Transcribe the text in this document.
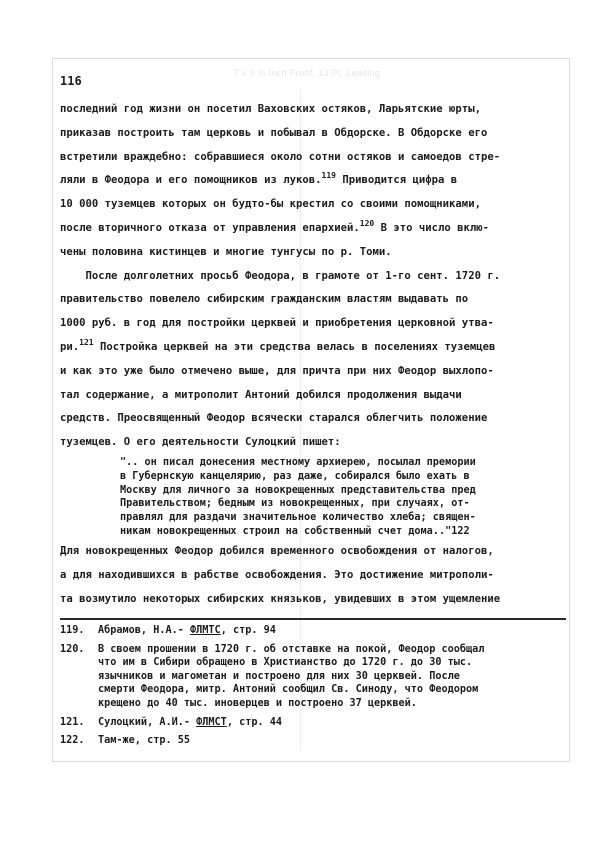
7 x 9 ¾ Inch Proof, 13 Pt. Leading
116
последний год жизни он посетил Ваховских остяков, Ларьятские юрты,
приказав построить там церковь и побывал в Обдорске. В Обдорске его
встретили враждебно: собравшиеся около сотни остяков и самоедов стре-
ляли в Феодора и его помощников из луков.$^{119}$ Приводится цифра в
10 000 туземцев которых он будто-бы крестил со своими помощниками,
после вторичного отказа от управления епархией.$^{120}$ В это число вклю-
чены половина кистинцев и многие тунгусы по р. Томи.
После долголетних просьб Феодора, в грамоте от 1-го сент. 1720 г.
правительство повелело сибирским гражданским властям выдавать по
1000 руб. в год для постройки церквей и приобретения церковной утва-
ри.$^{121}$ Постройка церквей на эти средства велась в поселениях туземцев
и как это уже было отмечено выше, для причта при них Феодор выхлопо-
тал содержание, а митрополит Антоний добился продолжения выдачи
средств. Преосвященный Феодор всячески старался облегчить положение
туземцев. О его деятельности Сулоцкий пишет:
".. он писал донесения местному архиерею, посылал премории
в Губернскую канцелярию, раз даже, собирался было ехать в
Москву для личного за новокрещенных представительства пред
Правительством; бедным из новокрещенных, при случаях, от-
правлял для раздачи значительное количество хлеба; священ-
никам новокрещенных строил на собственный счет дома.."122
Для новокрещенных Феодор добился временного освобождения от налогов,
а для находившихся в рабстве освобождения. Это достижение митрополи-
та возмутило некоторых сибирских князьков, увидевших в этом ущемление
119.	Абрамов, Н.А.- ФЛМТС, стр. 94
120.	В своем прошении в 1720 г. об отставке на покой, Феодор сообщал
что им в Сибири обращено в Христианство до 1720 г. до 30 тыс.
язычников и магометан и построено для них 30 церквей. После
смерти Феодора, митр. Антоний сообщил Св. Синоду, что Феодором
крещено до 40 тыс. иноверцев и построено 37 церквей.
121.	Сулоцкий, А.И.- ФЛМСТ, стр. 44
122.	Там-же, стр. 55
